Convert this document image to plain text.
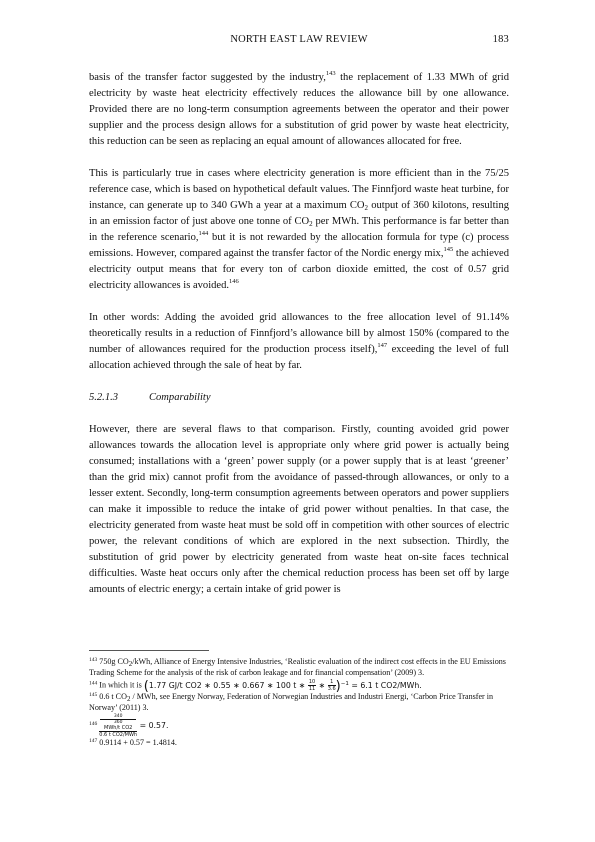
NORTH EAST LAW REVIEW	183

basis of the transfer factor suggested by the industry,$^{143}$ the replacement of 1.33 MWh of grid electricity by waste heat electricity effectively reduces the allowance bill by one allowance. Provided there are no long-term consumption agreements between the operator and their power supplier and the process design allows for a substitution of grid power by waste heat electricity, this reduction can be seen as replacing an equal amount of allowances allocated for free.

This is particularly true in cases where electricity generation is more efficient than in the 75/25 reference case, which is based on hypothetical default values. The Finnfjord waste heat turbine, for instance, can generate up to 340 GWh a year at a maximum $CO_2$ output of 360 kilotons, resulting in an emission factor of just above one tonne of $CO_2$ per MWh. This performance is far better than in the reference scenario,$^{144}$ but it is not rewarded by the allocation formula for type (c) process emissions. However, compared against the transfer factor of the Nordic energy mix,$^{145}$ the achieved electricity output means that for every ton of carbon dioxide emitted, the cost of 0.57 grid electricity allowances is avoided.$^{146}$

In other words: Adding the avoided grid allowances to the free allocation level of 91.14% theoretically results in a reduction of Finnfjord’s allowance bill by almost 150% (compared to the number of allowances required for the production process itself),$^{147}$ exceeding the level of full allocation achieved through the sale of heat by far.

5.2.1.3	Comparability

However, there are several flaws to that comparison. Firstly, counting avoided grid power allowances towards the allocation level is appropriate only where grid power is actually being consumed; installations with a ‘green’ power supply (or a power supply that is at least ‘greener’ than the grid mix) cannot profit from the avoidance of passed-through allowances, or only to a lesser extent. Secondly, long-term consumption agreements between operators and power suppliers can make it impossible to reduce the intake of grid power without penalties. In that case, the electricity generated from waste heat must be sold off in competition with other sources of electric power, the relevant conditions of which are explored in the next subsection. Thirdly, the substitution of grid power by electricity generated from waste heat on-site faces technical difficulties. Waste heat occurs only after the chemical reduction process has been set off by large amounts of electric energy; a certain intake of grid power is

$^{143}$ 750g $CO_2$/kWh, Alliance of Energy Intensive Industries, ‘Realistic evaluation of the indirect cost effects in the EU Emissions Trading Scheme for the analysis of the risk of carbon leakage and for financial compensation’ (2009) 3.

$^{144}$ In which it is (1.77 GJ/t CO2 ∗ 0.55 ∗ 0.667 ∗ 100 t ∗ $\frac{10}{11}$ ∗ $\frac{1}{3.6} )^{-1} = 6.1$ t CO2/MWh.

$^{145}$ 0.6 t $CO_2$ / MWh, see Energy Norway, Federation of Norwegian Industries and Industri Energi, ‘Carbon Price Transfer in Norway’ (2011) 3.

$^{146}$ 340
360
MWh/t CO2
0.6 t CO2/MWh = 0.57.

$^{147}$ 0.9114 + 0.57 = 1.4814.
